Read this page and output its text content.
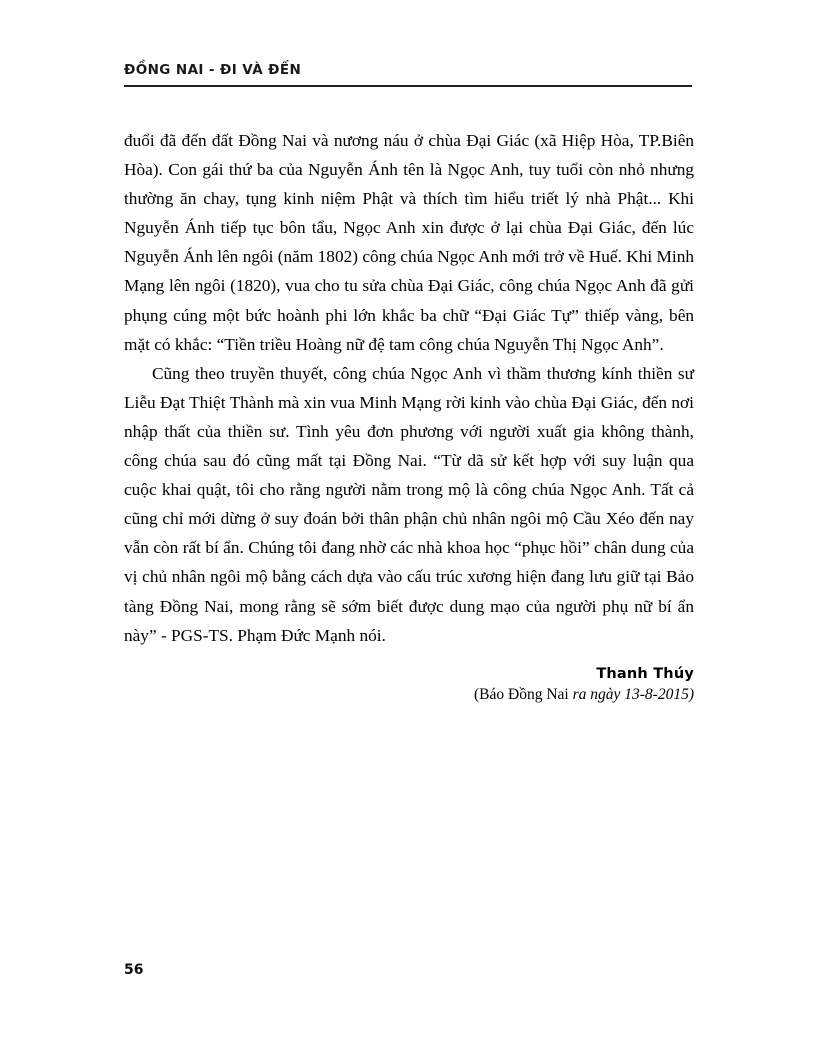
ĐỒNG NAI - ĐI VÀ ĐẾN

đuổi đã đến đất Đồng Nai và nương náu ở chùa Đại Giác (xã Hiệp Hòa, TP.Biên Hòa). Con gái thứ ba của Nguyễn Ánh tên là Ngọc Anh, tuy tuổi còn nhỏ nhưng thường ăn chay, tụng kinh niệm Phật và thích tìm hiểu triết lý nhà Phật... Khi Nguyễn Ánh tiếp tục bôn tẩu, Ngọc Anh xin được ở lại chùa Đại Giác, đến lúc Nguyễn Ánh lên ngôi (năm 1802) công chúa Ngọc Anh mới trở về Huế. Khi Minh Mạng lên ngôi (1820), vua cho tu sửa chùa Đại Giác, công chúa Ngọc Anh đã gửi phụng cúng một bức hoành phi lớn khắc ba chữ “Đại Giác Tự” thiếp vàng, bên mặt có khắc: “Tiền triều Hoàng nữ đệ tam công chúa Nguyễn Thị Ngọc Anh”.

Cũng theo truyền thuyết, công chúa Ngọc Anh vì thầm thương kính thiền sư Liễu Đạt Thiệt Thành mà xin vua Minh Mạng rời kinh vào chùa Đại Giác, đến nơi nhập thất của thiền sư. Tình yêu đơn phương với người xuất gia không thành, công chúa sau đó cũng mất tại Đồng Nai. “Từ dã sử kết hợp với suy luận qua cuộc khai quật, tôi cho rằng người nằm trong mộ là công chúa Ngọc Anh. Tất cả cũng chỉ mới dừng ở suy đoán bởi thân phận chủ nhân ngôi mộ Cầu Xéo đến nay vẫn còn rất bí ẩn. Chúng tôi đang nhờ các nhà khoa học “phục hồi” chân dung của vị chủ nhân ngôi mộ bằng cách dựa vào cấu trúc xương hiện đang lưu giữ tại Bảo tàng Đồng Nai, mong rằng sẽ sớm biết được dung mạo của người phụ nữ bí ẩn này” - PGS-TS. Phạm Đức Mạnh nói.

Thanh Thúy
(Báo Đồng Nai ra ngày 13-8-2015)
56
